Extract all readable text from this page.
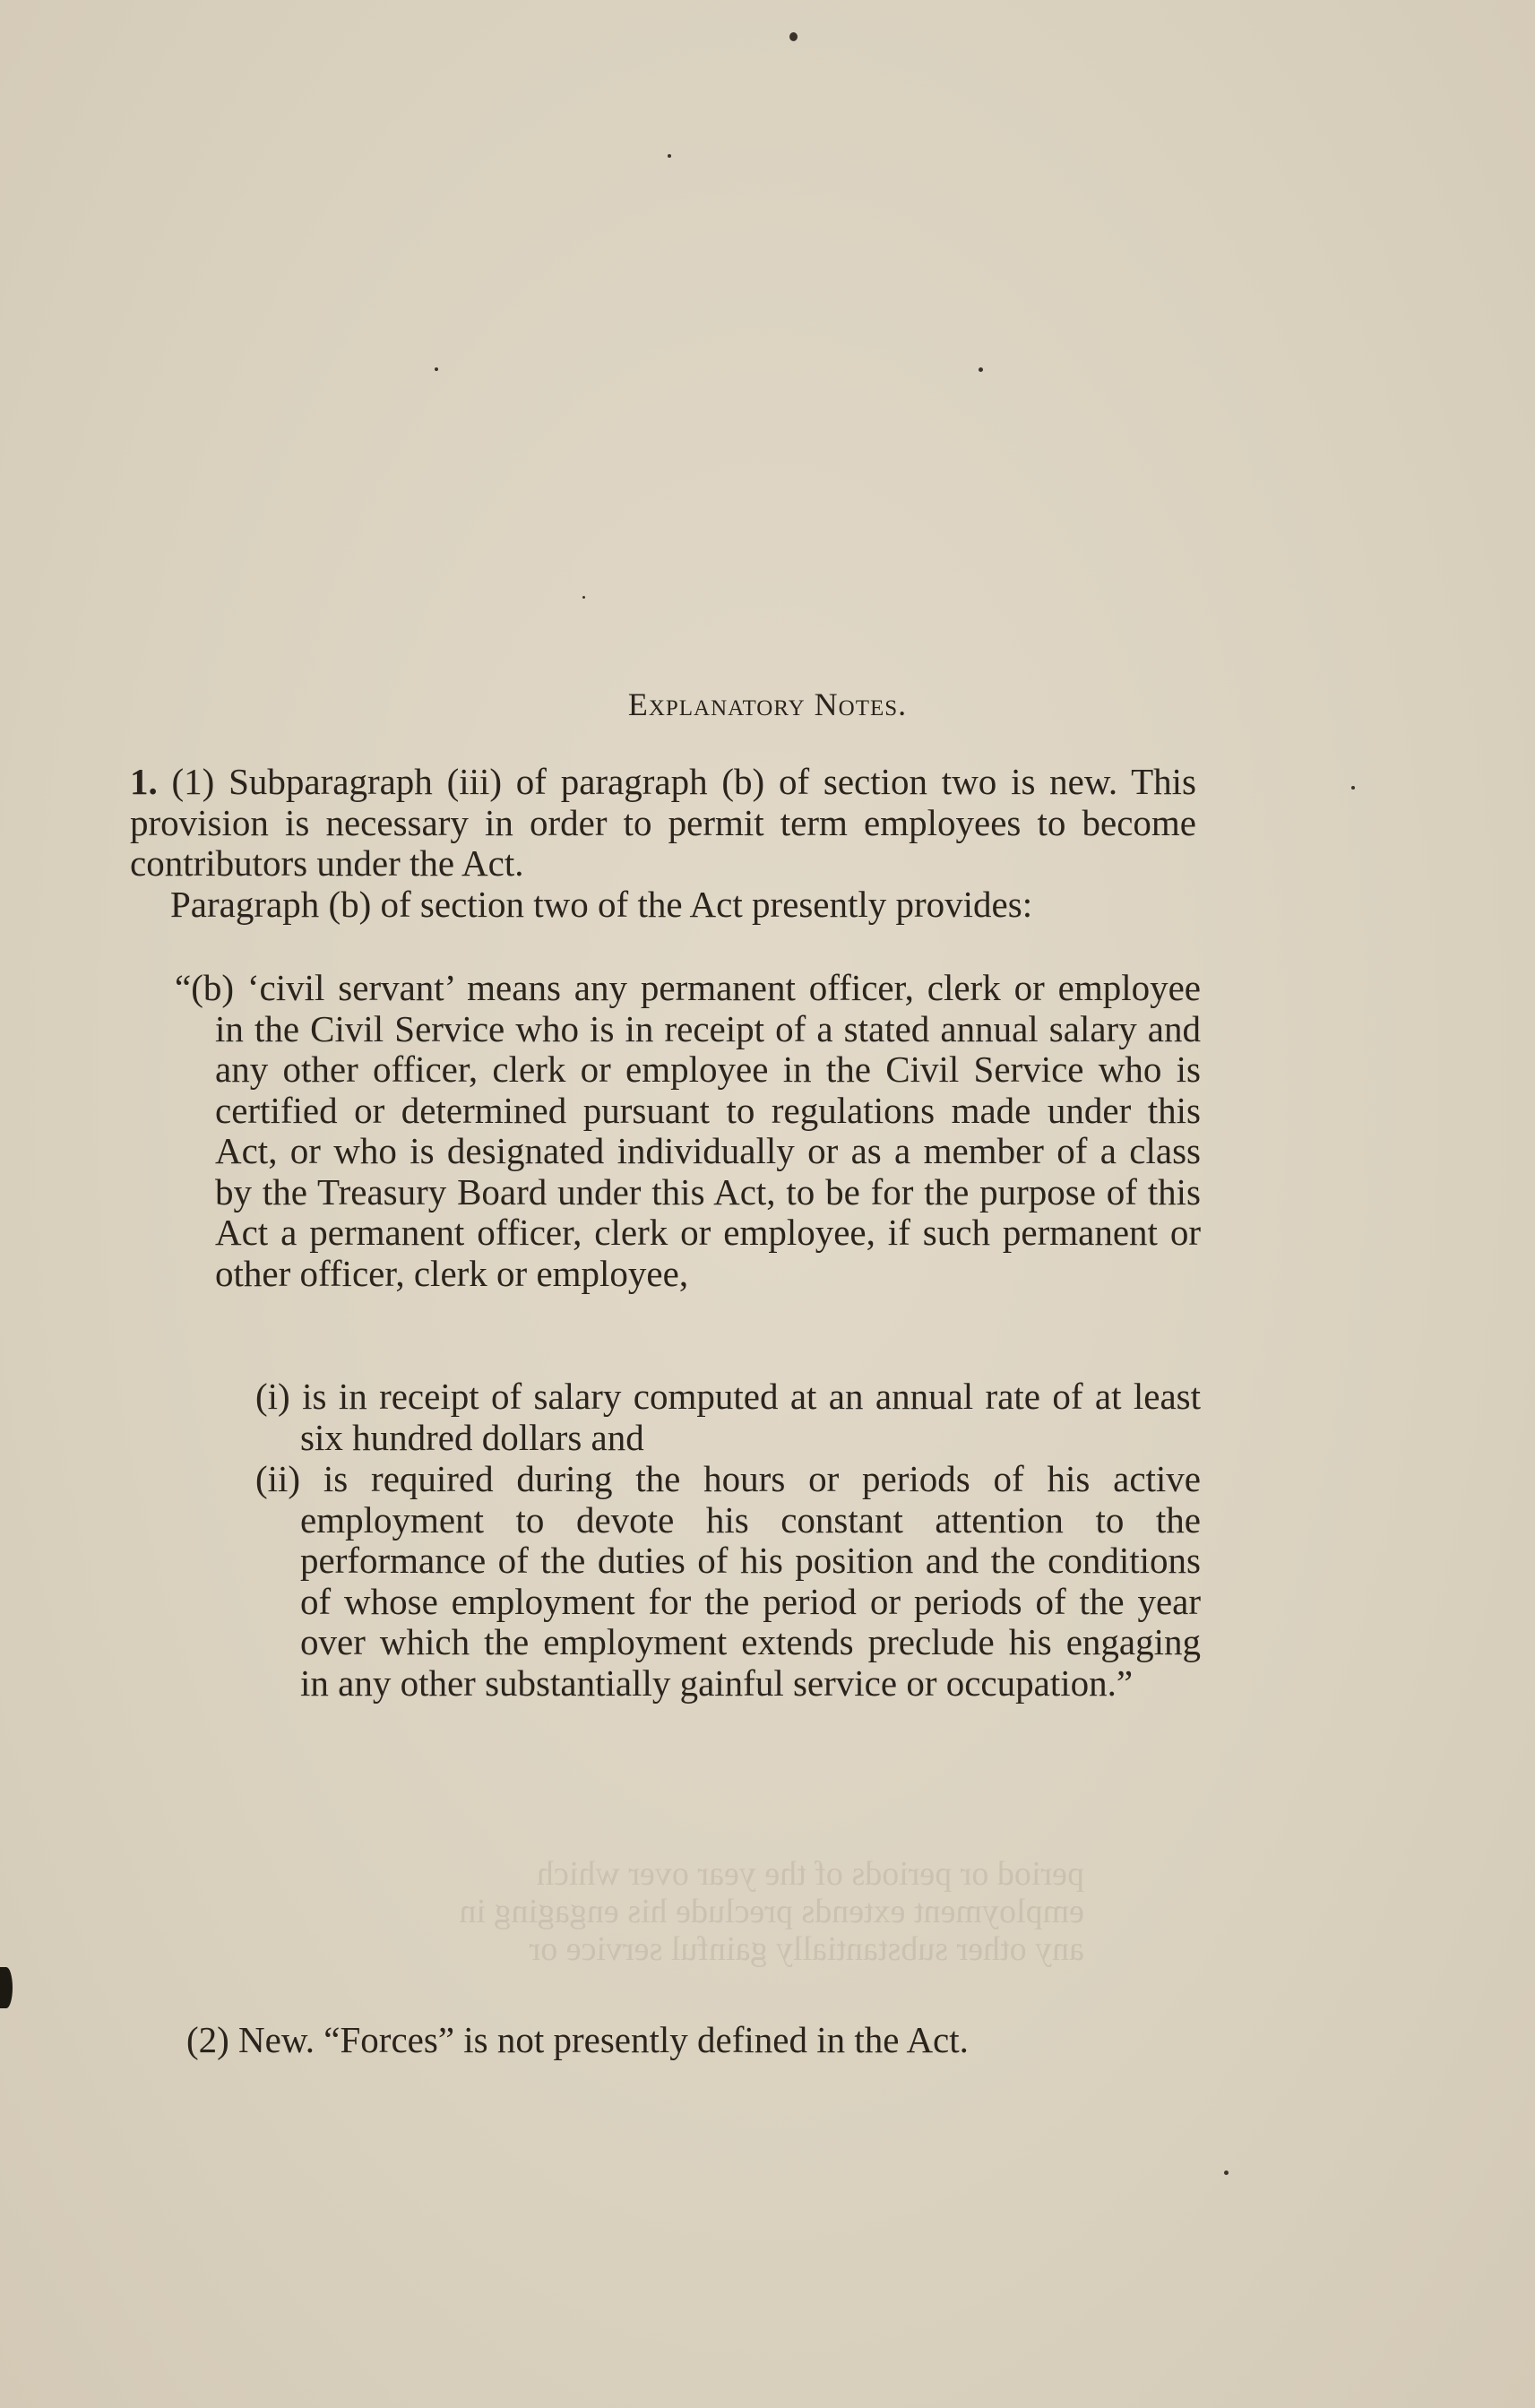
period or periods of the year over which
employment extends preclude his engaging in
any other substantially gainful service or
Explanatory Notes.
1. (1) Subparagraph (iii) of paragraph (b) of section two is new. This provision is necessary in order to permit term employees to become contributors under the Act.
Paragraph (b) of section two of the Act presently provides:
“(b) ‘civil servant’ means any permanent officer, clerk or employee in the Civil Service who is in receipt of a stated annual salary and any other officer, clerk or employee in the Civil Service who is certified or determined pursuant to regulations made under this Act, or who is designated individually or as a member of a class by the Treasury Board under this Act, to be for the purpose of this Act a permanent officer, clerk or employee, if such permanent or other officer, clerk or employee,
(i) is in receipt of salary computed at an annual rate of at least six hundred dollars and
(ii) is required during the hours or periods of his active employment to devote his constant attention to the performance of the duties of his position and the conditions of whose employment for the period or periods of the year over which the employment extends preclude his engaging in any other substantially gainful service or occupation.”
(2) New. “Forces” is not presently defined in the Act.
